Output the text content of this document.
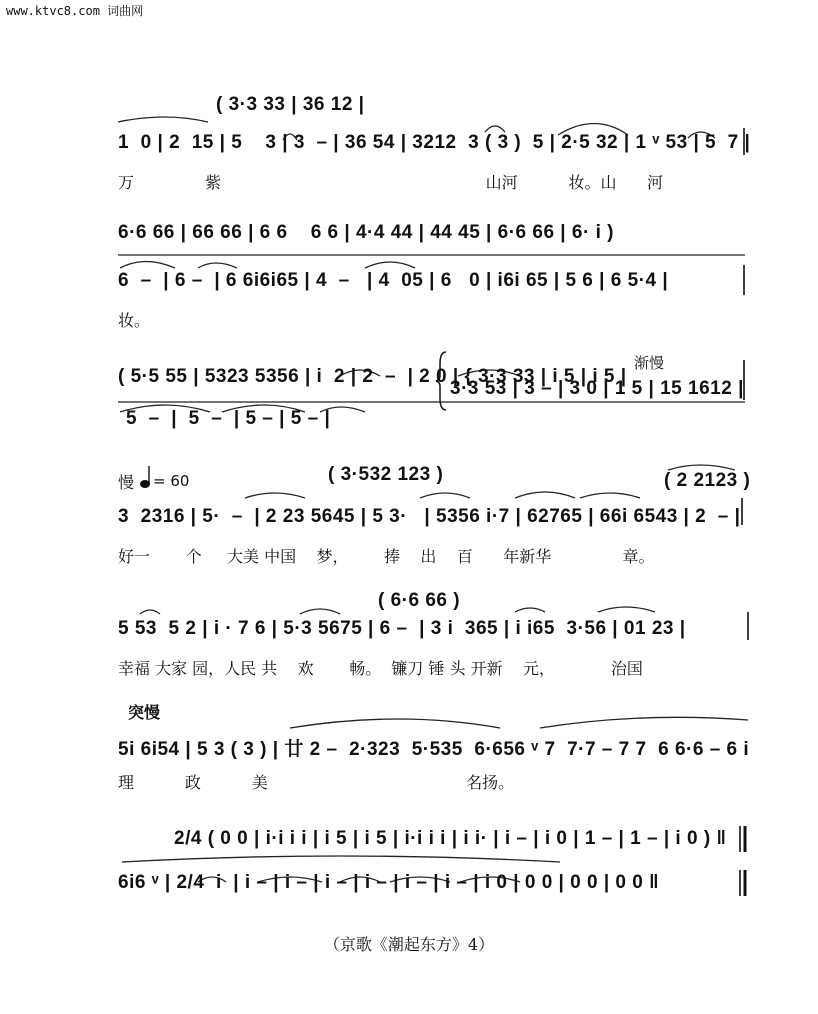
www.ktvc8.com 词曲网
( 3·3 33 | 36 12 |
1  0 | 2  15 | 5    3 | 3  – | 36 54 | 3212  3 ( 3 )  5 | 2·5 32 | 1 ᵛ 53 | 5  7 |
万              紫                                                    山河          妆。山      河
6·6 66 | 66 66 | 6 6    6 6 | 4·4 44 | 44 45 | 6·6 66 | 6· i )
6  –  | 6 –  | 6 6i6i65 | 4  –   | 4  05 | 6   0 | i6i 65 | 5 6 | 6 5·4 |
妆。
( 5·5 55 | 5323 5356 | i  2 | 2  –  | 2 0 | { 3·3 33 | i 5 | i 5 |
渐慢
3·3 53 | 3 – | 3 0 | 1 5 | 15 1612 |
5  –  |  5  –  | 5 – | 5 – |
慢 = 60	( 3·532 123 )	( 2 2123 )
3  2316 | 5·  –  | 2 23 5645 | 5 3·   | 5356 i·7 | 62765 | 66i 6543 | 2  – |
好一       个     大美 中国    梦，       捧    出    百      年新华              章。
( 6·6 66 )
5 53  5 2 | i · 7 6 | 5·3 5675 | 6 –  | 3 i  365 | i i65  3·56 | 01 23 |
幸福 大家 园，人民 共    欢       畅。  镰刀 锤 头 开新    元，           治国
突慢
5i 6i54 | 5 3 ( 3 ) | 廿 2 –  2·323  5·535  6·656 ᵛ 7  7·7 – 7 7  6 6·6 – 6 i
理          政          美                                       名扬。
2/4 ( 0 0 | i·i i i | i 5 | i 5 | i·i i i | i i· | i – | i 0 | 1 – | 1 – | i 0 ) ‖
6i6 ᵛ | 2/4  i  | i – | i – | i – | i – | i – | i – | i 0 | 0 0 | 0 0 | 0 0 ‖
（京歌《潮起东方》4）
